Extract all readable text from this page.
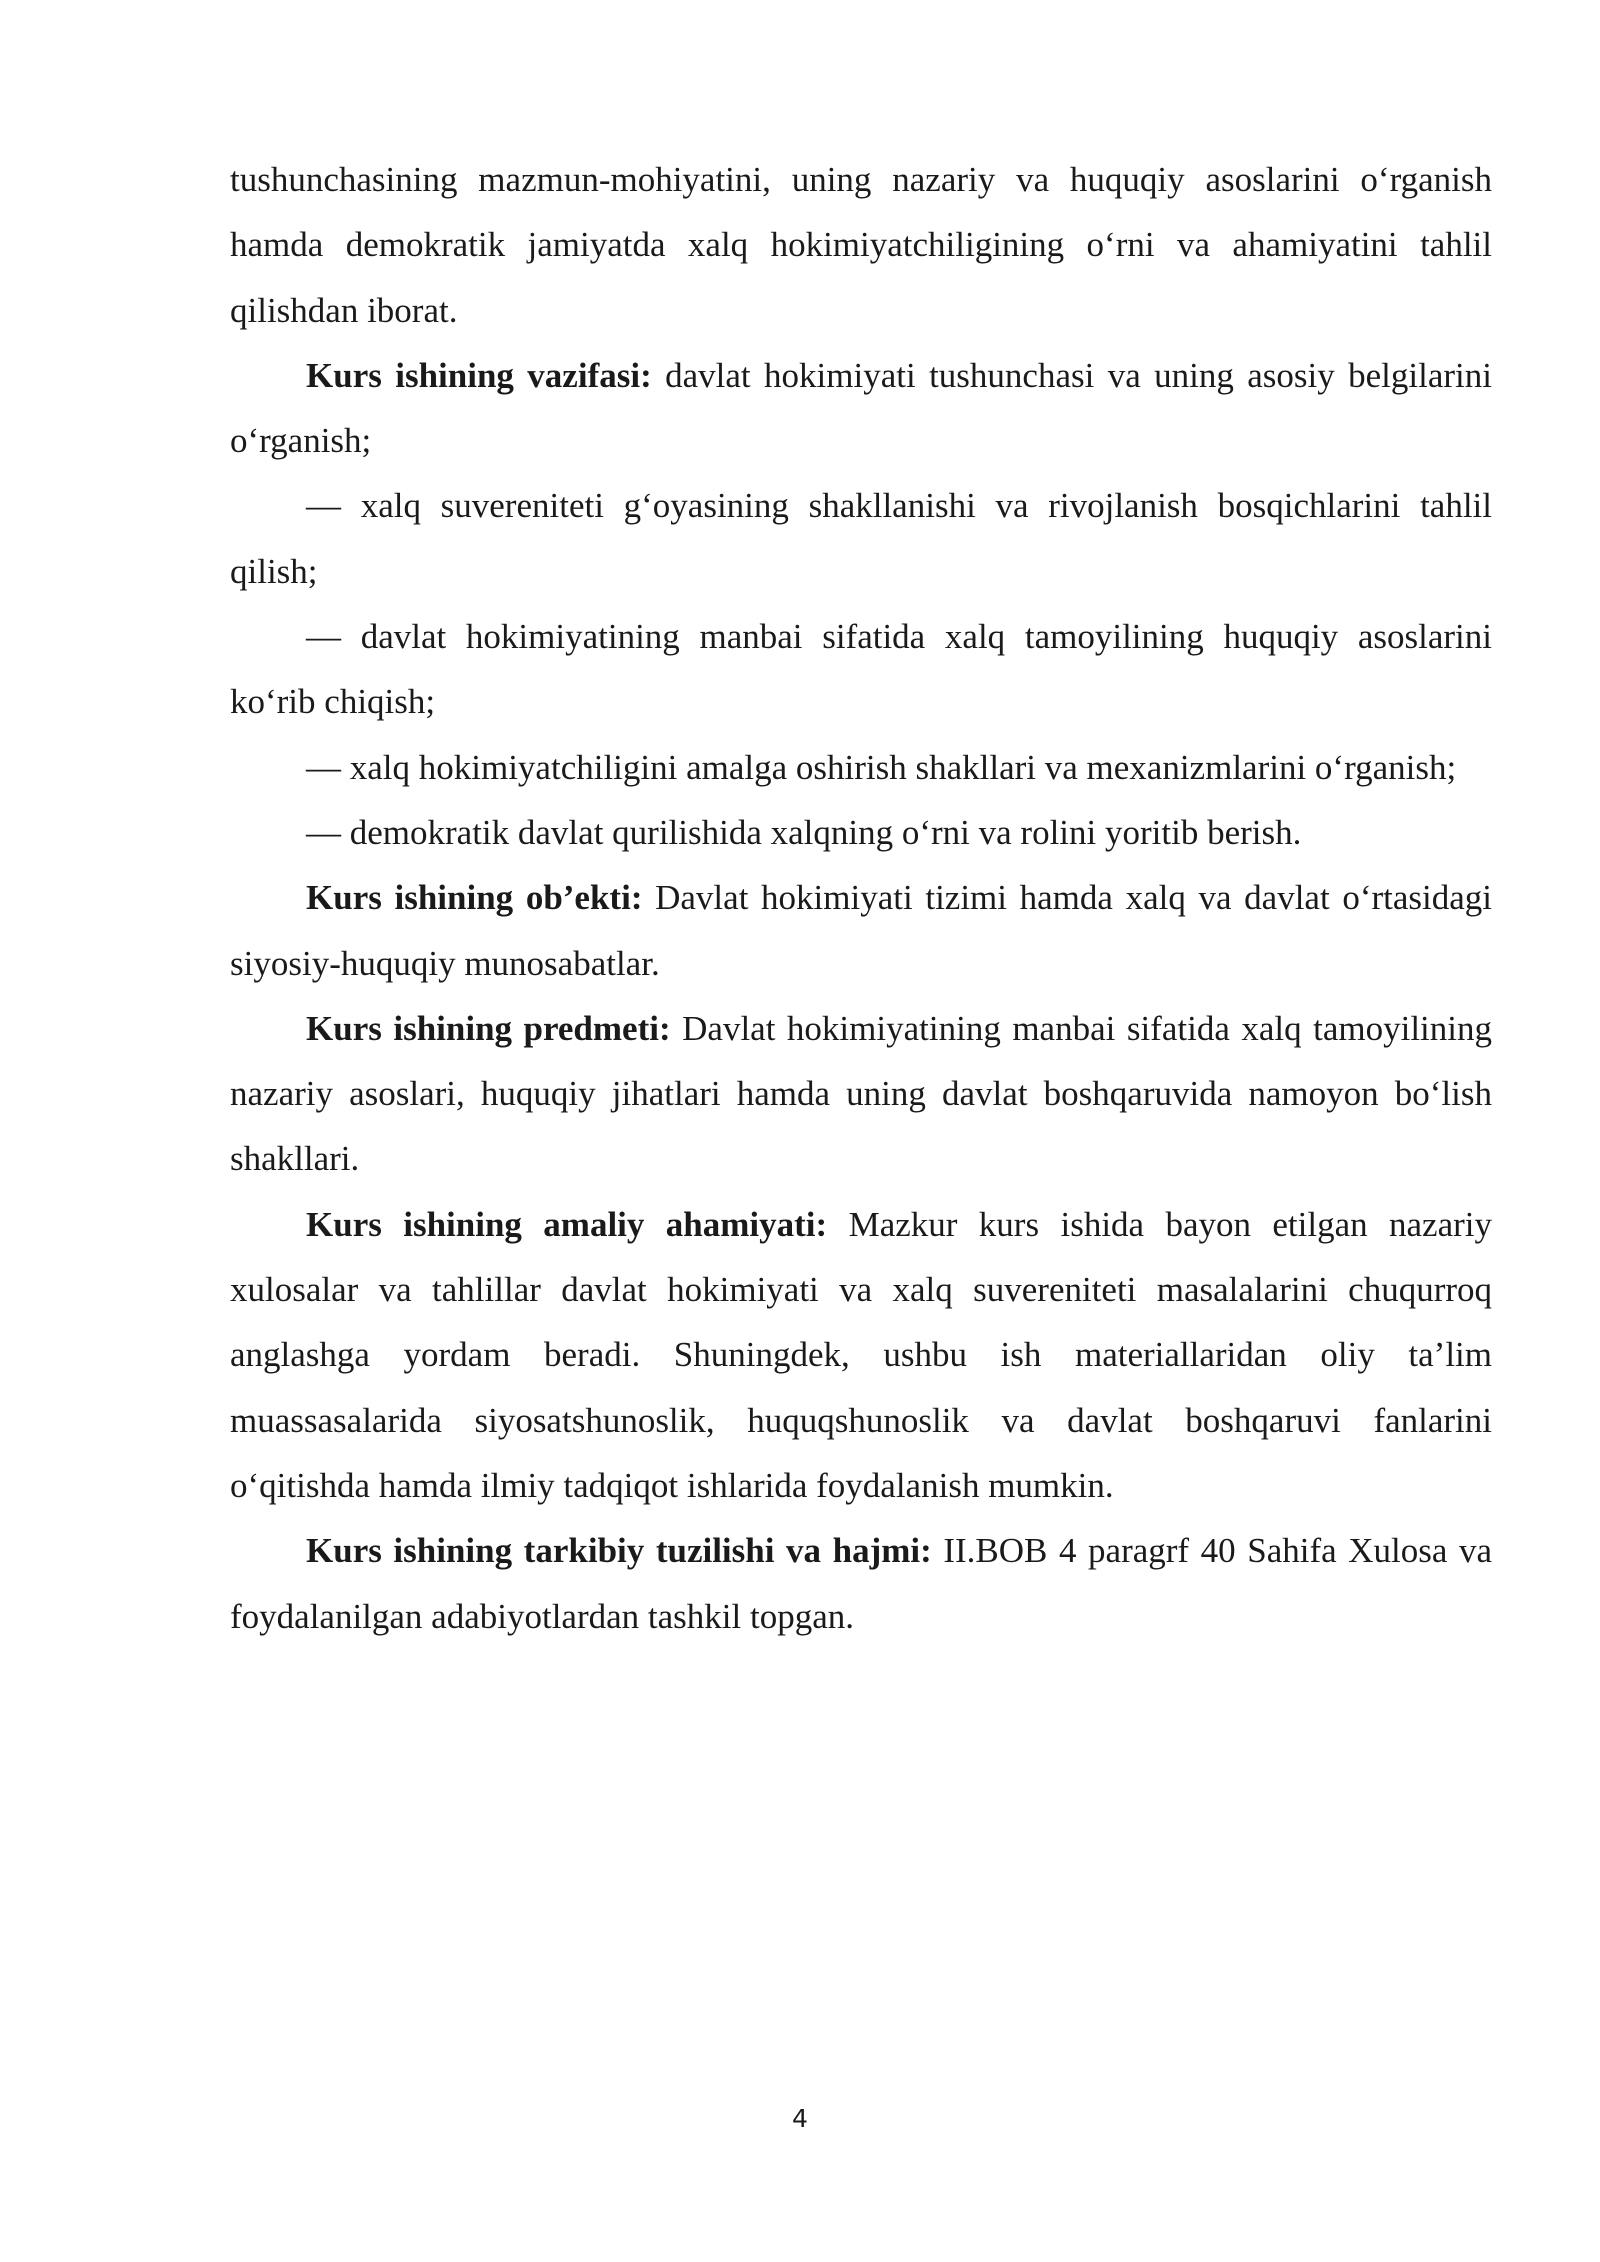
tushunchasining mazmun-mohiyatini, uning nazariy va huquqiy asoslarini o‘rganish hamda demokratik jamiyatda xalq hokimiyatchiligining o‘rni va ahamiyatini tahlil qilishdan iborat.

Kurs ishining vazifasi: davlat hokimiyati tushunchasi va uning asosiy belgilarini o‘rganish;

— xalq suvereniteti g‘oyasining shakllanishi va rivojlanish bosqichlarini tahlil qilish;

— davlat hokimiyatining manbai sifatida xalq tamoyilining huquqiy asoslarini ko‘rib chiqish;

— xalq hokimiyatchiligini amalga oshirish shakllari va mexanizmlarini o‘rganish;

— demokratik davlat qurilishida xalqning o‘rni va rolini yoritib berish.

Kurs ishining ob’ekti: Davlat hokimiyati tizimi hamda xalq va davlat o‘rtasidagi siyosiy-huquqiy munosabatlar.

Kurs ishining predmeti: Davlat hokimiyatining manbai sifatida xalq tamoyilining nazariy asoslari, huquqiy jihatlari hamda uning davlat boshqaruvida namoyon bo‘lish shakllari.

Kurs ishining amaliy ahamiyati: Mazkur kurs ishida bayon etilgan nazariy xulosalar va tahlillar davlat hokimiyati va xalq suvereniteti masalalarini chuqurroq anglashga yordam beradi. Shuningdek, ushbu ish materiallaridan oliy ta’lim muassasalarida siyosatshunoslik, huquqshunoslik va davlat boshqaruvi fanlarini o‘qitishda hamda ilmiy tadqiqot ishlarida foydalanish mumkin.

Kurs ishining tarkibiy tuzilishi va hajmi: II.BOB 4 paragrf 40 Sahifa Xulosa va foydalanilgan adabiyotlardan tashkil topgan.

4
